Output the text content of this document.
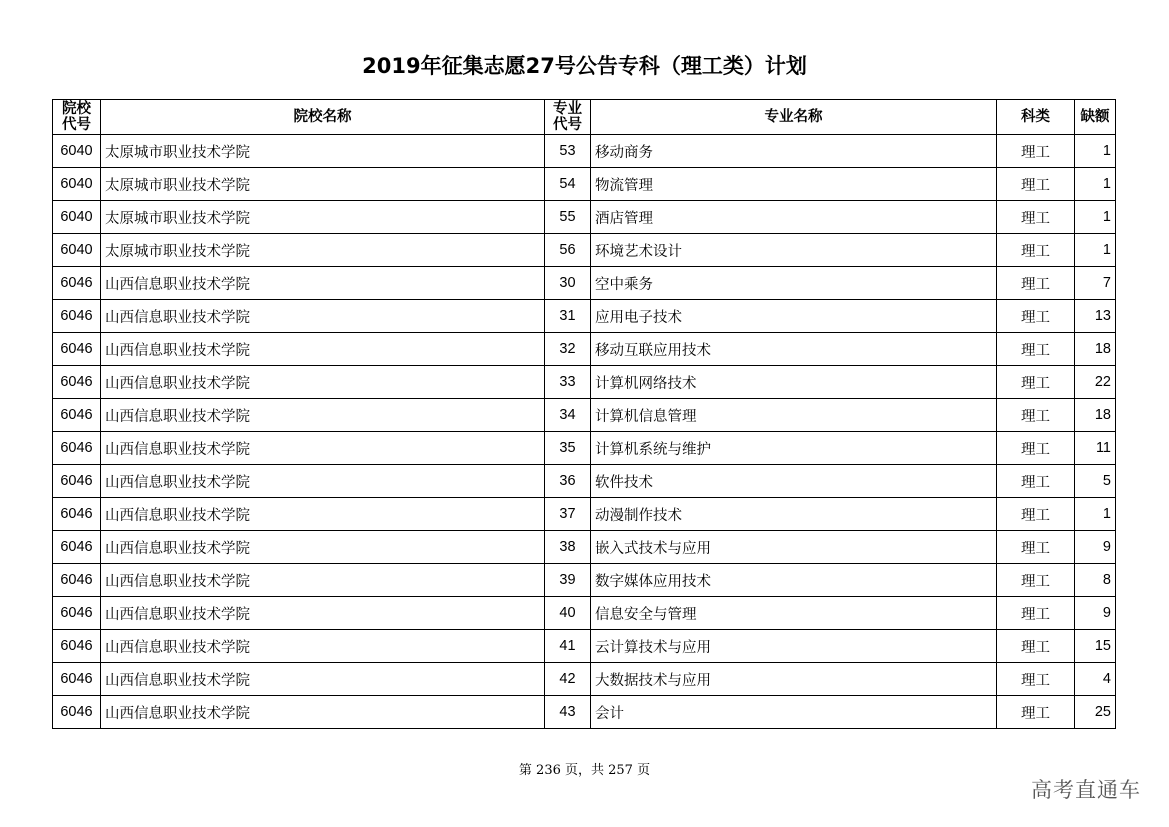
2019年征集志愿27号公告专科（理工类）计划
院校代号	院校名称	专业代号	专业名称	科类	缺额
6040	太原城市职业技术学院	53	移动商务	理工	1
6040	太原城市职业技术学院	54	物流管理	理工	1
6040	太原城市职业技术学院	55	酒店管理	理工	1
6040	太原城市职业技术学院	56	环境艺术设计	理工	1
6046	山西信息职业技术学院	30	空中乘务	理工	7
6046	山西信息职业技术学院	31	应用电子技术	理工	13
6046	山西信息职业技术学院	32	移动互联应用技术	理工	18
6046	山西信息职业技术学院	33	计算机网络技术	理工	22
6046	山西信息职业技术学院	34	计算机信息管理	理工	18
6046	山西信息职业技术学院	35	计算机系统与维护	理工	11
6046	山西信息职业技术学院	36	软件技术	理工	5
6046	山西信息职业技术学院	37	动漫制作技术	理工	1
6046	山西信息职业技术学院	38	嵌入式技术与应用	理工	9
6046	山西信息职业技术学院	39	数字媒体应用技术	理工	8
6046	山西信息职业技术学院	40	信息安全与管理	理工	9
6046	山西信息职业技术学院	41	云计算技术与应用	理工	15
6046	山西信息职业技术学院	42	大数据技术与应用	理工	4
6046	山西信息职业技术学院	43	会计	理工	25
第 236 页，共 257 页
高考直通车
